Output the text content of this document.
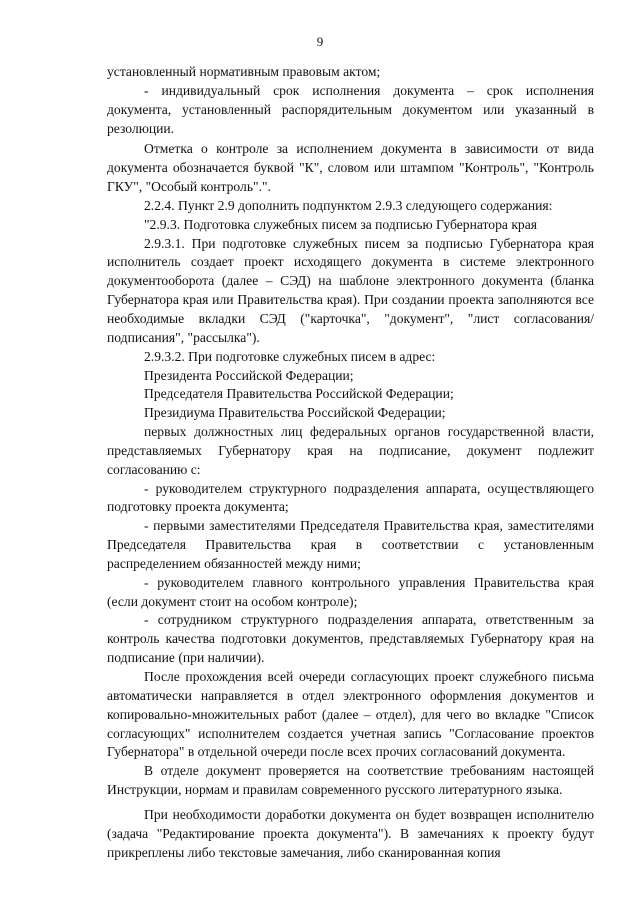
9

установленный нормативным правовым актом;

- индивидуальный срок исполнения документа – срок исполнения документа, установленный распорядительным документом или указанный в резолюции.

Отметка о контроле за исполнением документа в зависимости от вида документа обозначается буквой "К", словом или штампом "Контроль", "Контроль ГКУ", "Особый контроль".".

2.2.4. Пункт 2.9 дополнить подпунктом 2.9.3 следующего содержания:

"2.9.3. Подготовка служебных писем за подписью Губернатора края

2.9.3.1. При подготовке служебных писем за подписью Губернатора края исполнитель создает проект исходящего документа в системе электронного документооборота (далее – СЭД) на шаблоне электронного документа (бланка Губернатора края или Правительства края). При создании проекта заполняются все необходимые вкладки СЭД ("карточка", "документ", "лист согласования/подписания", "рассылка").

2.9.3.2. При подготовке служебных писем в адрес:

Президента Российской Федерации;

Председателя Правительства Российской Федерации;

Президиума Правительства Российской Федерации;

первых должностных лиц федеральных органов государственной власти, представляемых Губернатору края на подписание, документ подлежит согласованию с:

- руководителем структурного подразделения аппарата, осуществляющего подготовку проекта документа;

- первыми заместителями Председателя Правительства края, заместителями Председателя Правительства края в соответствии с установленным распределением обязанностей между ними;

- руководителем главного контрольного управления Правительства края (если документ стоит на особом контроле);

- сотрудником структурного подразделения аппарата, ответственным за контроль качества подготовки документов, представляемых Губернатору края на подписание (при наличии).

После прохождения всей очереди согласующих проект служебного письма автоматически направляется в отдел электронного оформления документов и копировально-множительных работ (далее – отдел), для чего во вкладке "Список согласующих" исполнителем создается учетная запись "Согласование проектов Губернатора" в отдельной очереди после всех прочих согласований документа.

В отделе документ проверяется на соответствие требованиям настоящей Инструкции, нормам и правилам современного русского литературного языка.

При необходимости доработки документа он будет возвращен исполнителю (задача "Редактирование проекта документа"). В замечаниях к проекту будут прикреплены либо текстовые замечания, либо сканированная копия
